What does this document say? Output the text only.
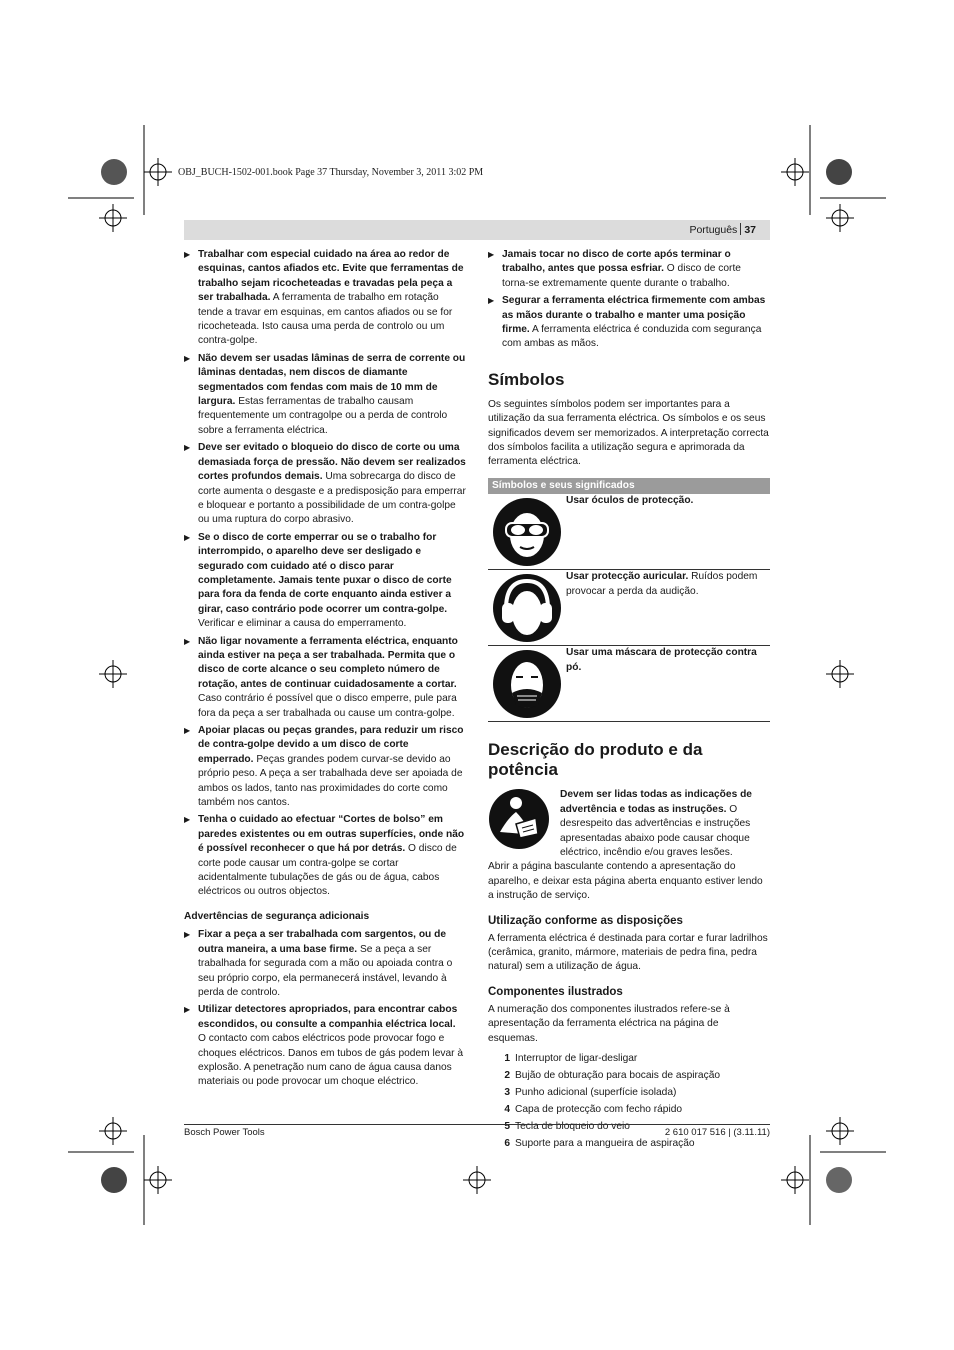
OBJ_BUCH-1502-001.book Page 37 Thursday, November 3, 2011 3:02 PM
Português 37
▶ Trabalhar com especial cuidado na área ao redor de esquinas, cantos afiados etc. Evite que ferramentas de trabalho sejam ricocheteadas e travadas pela peça a ser trabalhada. A ferramenta de trabalho em rotação tende a travar em esquinas, em cantos afiados ou se for ricocheteada. Isto causa uma perda de controlo ou um contra-golpe.
▶ Não devem ser usadas lâminas de serra de corrente ou lâminas dentadas, nem discos de diamante segmentados com fendas com mais de 10 mm de largura. Estas ferramentas de trabalho causam frequentemente um contragolpe ou a perda de controlo sobre a ferramenta eléctrica.
▶ Deve ser evitado o bloqueio do disco de corte ou uma demasiada força de pressão. Não devem ser realizados cortes profundos demais. Uma sobrecarga do disco de corte aumenta o desgaste e a predisposição para emperrar e bloquear e portanto a possibilidade de um contra-golpe ou uma ruptura do corpo abrasivo.
▶ Se o disco de corte emperrar ou se o trabalho for interrompido, o aparelho deve ser desligado e segurado com cuidado até o disco parar completamente. Jamais tente puxar o disco de corte para fora da fenda de corte enquanto ainda estiver a girar, caso contrário pode ocorrer um contra-golpe. Verificar e eliminar a causa do emperramento.
▶ Não ligar novamente a ferramenta eléctrica, enquanto ainda estiver na peça a ser trabalhada. Permita que o disco de corte alcance o seu completo número de rotação, antes de continuar cuidadosamente a cortar. Caso contrário é possível que o disco emperre, pule para fora da peça a ser trabalhada ou cause um contra-golpe.
▶ Apoiar placas ou peças grandes, para reduzir um risco de contra-golpe devido a um disco de corte emperrado. Peças grandes podem curvar-se devido ao próprio peso. A peça a ser trabalhada deve ser apoiada de ambos os lados, tanto nas proximidades do corte como também nos cantos.
▶ Tenha o cuidado ao efectuar “Cortes de bolso” em paredes existentes ou em outras superfícies, onde não é possível reconhecer o que há por detrás. O disco de corte pode causar um contra-golpe se cortar acidentalmente tubulações de gás ou de água, cabos eléctricos ou outros objectos.
Advertências de segurança adicionais
▶ Fixar a peça a ser trabalhada com sargentos, ou de outra maneira, a uma base firme. Se a peça a ser trabalhada for segurada com a mão ou apoiada contra o seu próprio corpo, ela permanecerá instável, levando à perda de controlo.
▶ Utilizar detectores apropriados, para encontrar cabos escondidos, ou consulte a companhia eléctrica local. O contacto com cabos eléctricos pode provocar fogo e choques eléctricos. Danos em tubos de gás podem levar à explosão. A penetração num cano de água causa danos materiais ou pode provocar um choque eléctrico.
▶ Jamais tocar no disco de corte após terminar o trabalho, antes que possa esfriar. O disco de corte torna-se extremamente quente durante o trabalho.
▶ Segurar a ferramenta eléctrica firmemente com ambas as mãos durante o trabalho e manter uma posição firme. A ferramenta eléctrica é conduzida com segurança com ambas as mãos.
Símbolos

Os seguintes símbolos podem ser importantes para a utilização da sua ferramenta eléctrica. Os símbolos e os seus significados devem ser memorizados. A interpretação correcta dos símbolos facilita a utilização segura e aprimorada da ferramenta eléctrica.

Símbolos e seus significados
Usar óculos de protecção.
Usar protecção auricular. Ruídos podem provocar a perda da audição.
Usar uma máscara de protecção contra pó.
Descrição do produto e da potência
Devem ser lidas todas as indicações de advertência e todas as instruções. O desrespeito das advertências e instruções apresentadas abaixo pode causar choque eléctrico, incêndio e/ou graves lesões.

Abrir a página basculante contendo a apresentação do aparelho, e deixar esta página aberta enquanto estiver lendo a instrução de serviço.

Utilização conforme as disposições

A ferramenta eléctrica é destinada para cortar e furar ladrilhos (cerâmica, granito, mármore, materiais de pedra fina, pedra natural) sem a utilização de água.

Componentes ilustrados

A numeração dos componentes ilustrados refere-se à apresentação da ferramenta eléctrica na página de esquemas.

1 Interruptor de ligar-desligar
2 Bujão de obturação para bocais de aspiração
3 Punho adicional (superfície isolada)
4 Capa de protecção com fecho rápido
5 Tecla de bloqueio do veio
6 Suporte para a mangueira de aspiração
Bosch Power Tools	2 610 017 516 | (3.11.11)
